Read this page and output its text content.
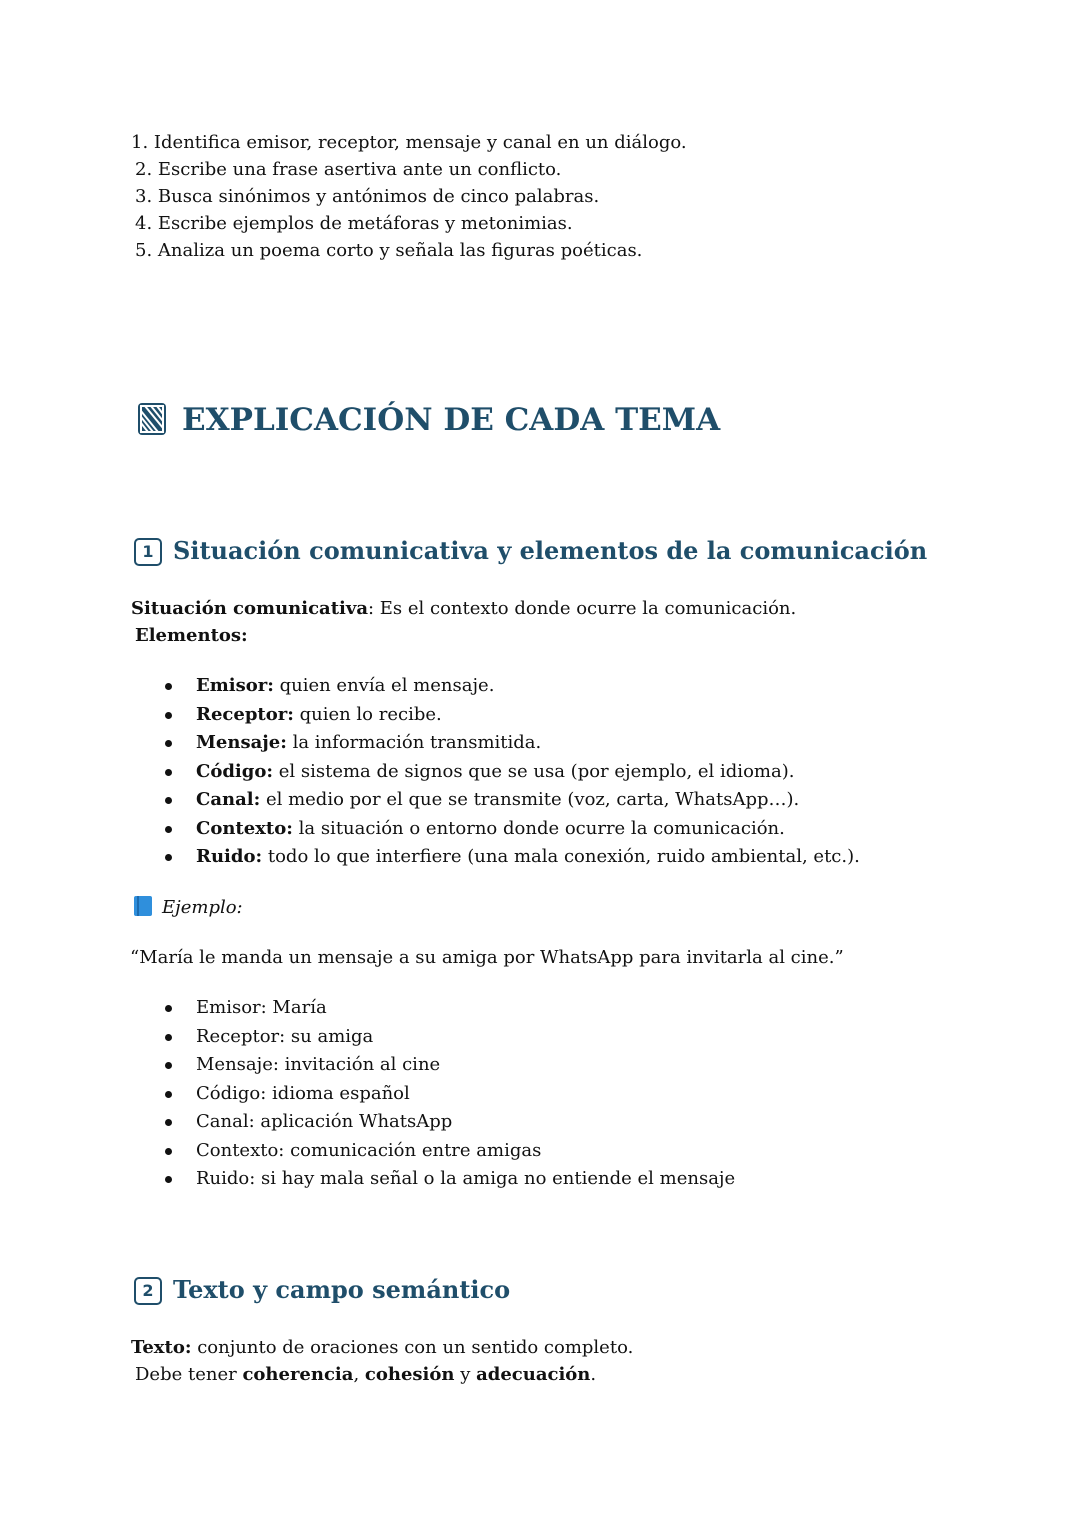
1. Identifica emisor, receptor, mensaje y canal en un diálogo.
2. Escribe una frase asertiva ante un conflicto.
3. Busca sinónimos y antónimos de cinco palabras.
4. Escribe ejemplos de metáforas y metonimias.
5. Analiza un poema corto y señala las figuras poéticas.
EXPLICACIÓN DE CADA TEMA
1 Situación comunicativa y elementos de la comunicación
Situación comunicativa: Es el contexto donde ocurre la comunicación.
Elementos:
Emisor: quien envía el mensaje.
Receptor: quien lo recibe.
Mensaje: la información transmitida.
Código: el sistema de signos que se usa (por ejemplo, el idioma).
Canal: el medio por el que se transmite (voz, carta, WhatsApp…).
Contexto: la situación o entorno donde ocurre la comunicación.
Ruido: todo lo que interfiere (una mala conexión, ruido ambiental, etc.).
Ejemplo:
“María le manda un mensaje a su amiga por WhatsApp para invitarla al cine.”
Emisor: María
Receptor: su amiga
Mensaje: invitación al cine
Código: idioma español
Canal: aplicación WhatsApp
Contexto: comunicación entre amigas
Ruido: si hay mala señal o la amiga no entiende el mensaje
2 Texto y campo semántico
Texto: conjunto de oraciones con un sentido completo.
Debe tener coherencia, cohesión y adecuación.
